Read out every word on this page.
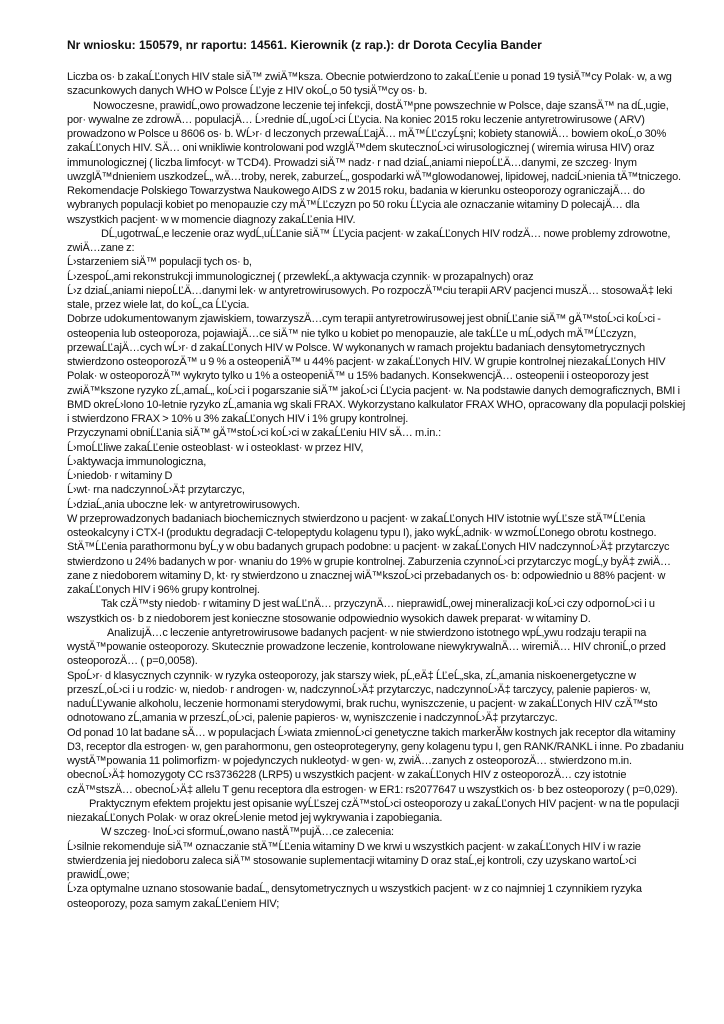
Nr wniosku: 150579, nr raportu: 14561. Kierownik (z rap.): dr Dorota Cecylia Bander

Liczba os· b zakaĹĽonych HIV stale siÄ™ zwiÄ™ksza. Obecnie potwierdzono to zakaĹĽenie u ponad 19 tysiÄ™cy Polak· w, a wg szacunkowych danych WHO w Polsce ĹĽyje z HIV okoĹ‚o 50 tysiÄ™cy os· b.

Nowoczesne, prawidĹ‚owo prowadzone leczenie tej infekcji, dostÄ™pne powszechnie w Polsce, daje szansÄ™ na dĹ‚ugie, por· wywalne ze zdrowÄ… populacjÄ… Ĺ›rednie dĹ‚ugoĹ›ci ĹĽycia. Na koniec 2015 roku leczenie antyretrowirusowe ( ARV) prowadzono w Polsce u 8606 os· b. WĹ›r· d leczonych przewaĹĽajÄ… mÄ™ĹĽczyĹşni; kobiety stanowiÄ… bowiem okoĹ‚o 30% zakaĹĽonych HIV. SÄ… oni wnikliwie kontrolowani pod wzglÄ™dem skutecznoĹ›ci wirusologicznej ( wiremia wirusa HIV) oraz immunologicznej ( liczba limfocyt· w TCD4). Prowadzi siÄ™ nadz· r nad dziaĹ‚aniami niepoĹĽÄ…danymi, ze szczeg· lnym uwzglÄ™dnieniem uszkodzeĹ„ wÄ…troby, nerek, zaburzeĹ„ gospodarki wÄ™glowodanowej, lipidowej, nadciĹ›nienia tÄ™tniczego.

Rekomendacje Polskiego Towarzystwa Naukowego AIDS z w 2015 roku, badania w kierunku osteoporozy ograniczajÄ… do wybranych populacji kobiet po menopauzie czy mÄ™ĹĽczyzn po 50 roku ĹĽycia ale oznaczanie witaminy D polecajÄ… dla wszystkich pacjent· w w momencie diagnozy zakaĹĽenia HIV.

DĹ‚ugotrwaĹ‚e leczenie oraz wydĹ‚uĹĽanie siÄ™ ĹĽycia pacjent· w zakaĹĽonych HIV rodzÄ… nowe problemy zdrowotne, zwiÄ…zane z:

Ĺ›starzeniem siÄ™ populacji tych os· b,

Ĺ›zespoĹ‚ami rekonstrukcji immunologicznej ( przewlekĹ‚a aktywacja czynnik· w prozapalnych) oraz

Ĺ›z dziaĹ‚aniami niepoĹĽÄ…danymi lek· w antyretrowirusowych. Po rozpoczÄ™ciu terapii ARV pacjenci muszÄ… stosowaÄ‡ leki stale, przez wiele lat, do koĹ„ca ĹĽycia.

Dobrze udokumentowanym zjawiskiem, towarzyszÄ…cym terapii antyretrowirusowej jest obniĹĽanie siÄ™ gÄ™stoĹ›ci koĹ›ci - osteopenia lub osteoporoza, pojawiajÄ…ce siÄ™ nie tylko u kobiet po menopauzie, ale takĹĽe u mĹ‚odych mÄ™ĹĽczyzn, przewaĹĽajÄ…cych wĹ›r· d zakaĹĽonych HIV w Polsce. W wykonanych w ramach projektu badaniach densytometrycznych stwierdzono osteoporozÄ™ u 9 % a osteopeniÄ™ u 44% pacjent· w zakaĹĽonych HIV. W grupie kontrolnej niezakaĹĽonych HIV Polak· w osteoporozÄ™ wykryto tylko u 1% a osteopeniÄ™ u 15% badanych. KonsekwencjÄ… osteopenii i osteoporozy jest zwiÄ™kszone ryzyko zĹ‚amaĹ„ koĹ›ci i pogarszanie siÄ™ jakoĹ›ci ĹĽycia pacjent· w. Na podstawie danych demograficznych, BMI i BMD okreĹ›lono 10-letnie ryzyko zĹ‚amania wg skali FRAX. Wykorzystano kalkulator FRAX WHO, opracowany dla populacji polskiej i stwierdzono FRAX > 10% u 3% zakaĹĽonych HIV i 1% grupy kontrolnej.

Przyczynami obniĹĽania siÄ™ gÄ™stoĹ›ci koĹ›ci w zakaĹĽeniu HIV sÄ… m.in.:

Ĺ›moĹĽliwe zakaĹĽenie osteoblast· w i osteoklast· w przez HIV,

Ĺ›aktywacja immunologiczna,

Ĺ›niedob· r witaminy D

Ĺ›wt· rna nadczynnoĹ›Ä‡ przytarczyc,

Ĺ›dziaĹ‚ania uboczne lek· w antyretrowirusowych.

W przeprowadzonych badaniach biochemicznych stwierdzono u pacjent· w zakaĹĽonych HIV istotnie wyĹĽsze stÄ™ĹĽenia osteokalcyny i CTX-I (produktu degradacji C-telopeptydu kolagenu typu I), jako wykĹ‚adnik· w wzmoĹĽonego obrotu kostnego. StÄ™ĹĽenia parathormonu byĹ‚y w obu badanych grupach podobne: u pacjent· w zakaĹĽonych HIV nadczynnoĹ›Ä‡ przytarczyc stwierdzono u 24% badanych w por· wnaniu do 19% w grupie kontrolnej. Zaburzenia czynnoĹ›ci przytarczyc mogĹ‚y byÄ‡ zwiÄ…zane z niedoborem witaminy D, kt· ry stwierdzono u znacznej wiÄ™kszoĹ›ci przebadanych os· b: odpowiednio u 88% pacjent· w zakaĹĽonych HIV i 96% grupy kontrolnej.

Tak czÄ™sty niedob· r witaminy D jest waĹĽnÄ… przyczynÄ… nieprawidĹ‚owej mineralizacji koĹ›ci czy odpornoĹ›ci i u wszystkich os· b z niedoborem jest konieczne stosowanie odpowiednio wysokich dawek preparat· w witaminy D.

AnalizujÄ…c leczenie antyretrowirusowe badanych pacjent· w nie stwierdzono istotnego wpĹ‚ywu rodzaju terapii na wystÄ™powanie osteoporozy. Skutecznie prowadzone leczenie, kontrolowane niewykrywalnÄ… wiremiÄ… HIV chroniĹ‚o przed osteoporozÄ… ( p=0,0058).

SpoĹ›r· d klasycznych czynnik· w ryzyka osteoporozy, jak starszy wiek, pĹ‚eÄ‡ ĹĽeĹ„ska, zĹ‚amania niskoenergetyczne w przeszĹ‚oĹ›ci i u rodzic· w, niedob· r androgen· w, nadczynnoĹ›Ä‡ przytarczyc, nadczynnoĹ›Ä‡ tarczycy, palenie papieros· w, naduĹĽywanie alkoholu, leczenie hormonami sterydowymi, brak ruchu, wyniszczenie, u pacjent· w zakaĹĽonych HIV czÄ™sto odnotowano zĹ‚amania w przeszĹ‚oĹ›ci, palenie papieros· w, wyniszczenie i nadczynnoĹ›Ä‡ przytarczyc.

Od ponad 10 lat badane sÄ… w populacjach Ĺ›wiata zmiennoĹ›ci genetyczne takich markerĂłw kostnych jak receptor dla witaminy D3, receptor dla estrogen· w, gen parahormonu, gen osteoprotegeryny, geny kolagenu typu I, gen RANK/RANKL i inne. Po zbadaniu wystÄ™powania 11 polimorfizm· w pojedynczych nukleotyd· w gen· w, zwiÄ…zanych z osteoporozÄ… stwierdzono m.in. obecnoĹ›Ä‡ homozygoty CC rs3736228 (LRP5) u wszystkich pacjent· w zakaĹĽonych HIV z osteoporozÄ… czy istotnie czÄ™stszÄ… obecnoĹ›Ä‡ allelu T genu receptora dla estrogen· w ER1: rs2077647 u wszystkich os· b bez osteoporozy ( p=0,029).

Praktycznym efektem projektu jest opisanie wyĹĽszej czÄ™stoĹ›ci osteoporozy u zakaĹĽonych HIV pacjent· w na tle populacji niezakaĹĽonych Polak· w oraz okreĹ›lenie metod jej wykrywania i zapobiegania.

W szczeg· lnoĹ›ci sformuĹ‚owano nastÄ™pujÄ…ce zalecenia:

Ĺ›silnie rekomenduje siÄ™ oznaczanie stÄ™ĹĽenia witaminy D we krwi u wszystkich pacjent· w zakaĹĽonych HIV i w razie stwierdzenia jej niedoboru zaleca siÄ™ stosowanie suplementacji witaminy D oraz staĹ‚ej kontroli, czy uzyskano wartoĹ›ci prawidĹ‚owe;

Ĺ›za optymalne uznano stosowanie badaĹ„ densytometrycznych u wszystkich pacjent· w z co najmniej 1 czynnikiem ryzyka osteoporozy, poza samym zakaĹĽeniem HIV;
